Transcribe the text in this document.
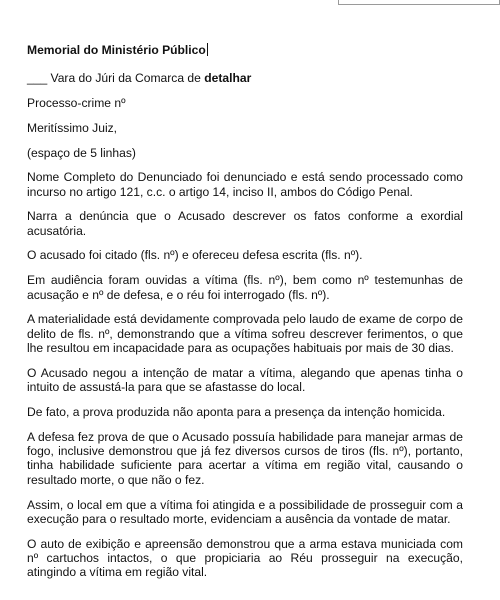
Memorial do Ministério Público

___ Vara do Júri da Comarca de detalhar

Processo-crime nº

Meritíssimo Juiz,

(espaço de 5 linhas)

Nome Completo do Denunciado foi denunciado e está sendo processado como incurso no artigo 121, c.c. o artigo 14, inciso II, ambos do Código Penal.

Narra a denúncia que o Acusado descrever os fatos conforme a exordial acusatória.

O acusado foi citado (fls. nº) e ofereceu defesa escrita (fls. nº).

Em audiência foram ouvidas a vítima (fls. nº), bem como nº testemunhas de acusação e nº de defesa, e o réu foi interrogado (fls. nº).

A materialidade está devidamente comprovada pelo laudo de exame de corpo de delito de fls. nº, demonstrando que a vítima sofreu descrever ferimentos, o que lhe resultou em incapacidade para as ocupações habituais por mais de 30 dias.

O Acusado negou a intenção de matar a vítima, alegando que apenas tinha o intuito de assustá-la para que se afastasse do local.

De fato, a prova produzida não aponta para a presença da intenção homicida.

A defesa fez prova de que o Acusado possuía habilidade para manejar armas de fogo, inclusive demonstrou que já fez diversos cursos de tiros (fls. nº), portanto, tinha habilidade suficiente para acertar a vítima em região vital, causando o resultado morte, o que não o fez.

Assim, o local em que a vítima foi atingida e a possibilidade de prosseguir com a execução para o resultado morte, evidenciam a ausência da vontade de matar.

O auto de exibição e apreensão demonstrou que a arma estava municiada com nº cartuchos intactos, o que propiciaria ao Réu prosseguir na execução, atingindo a vítima em região vital.
